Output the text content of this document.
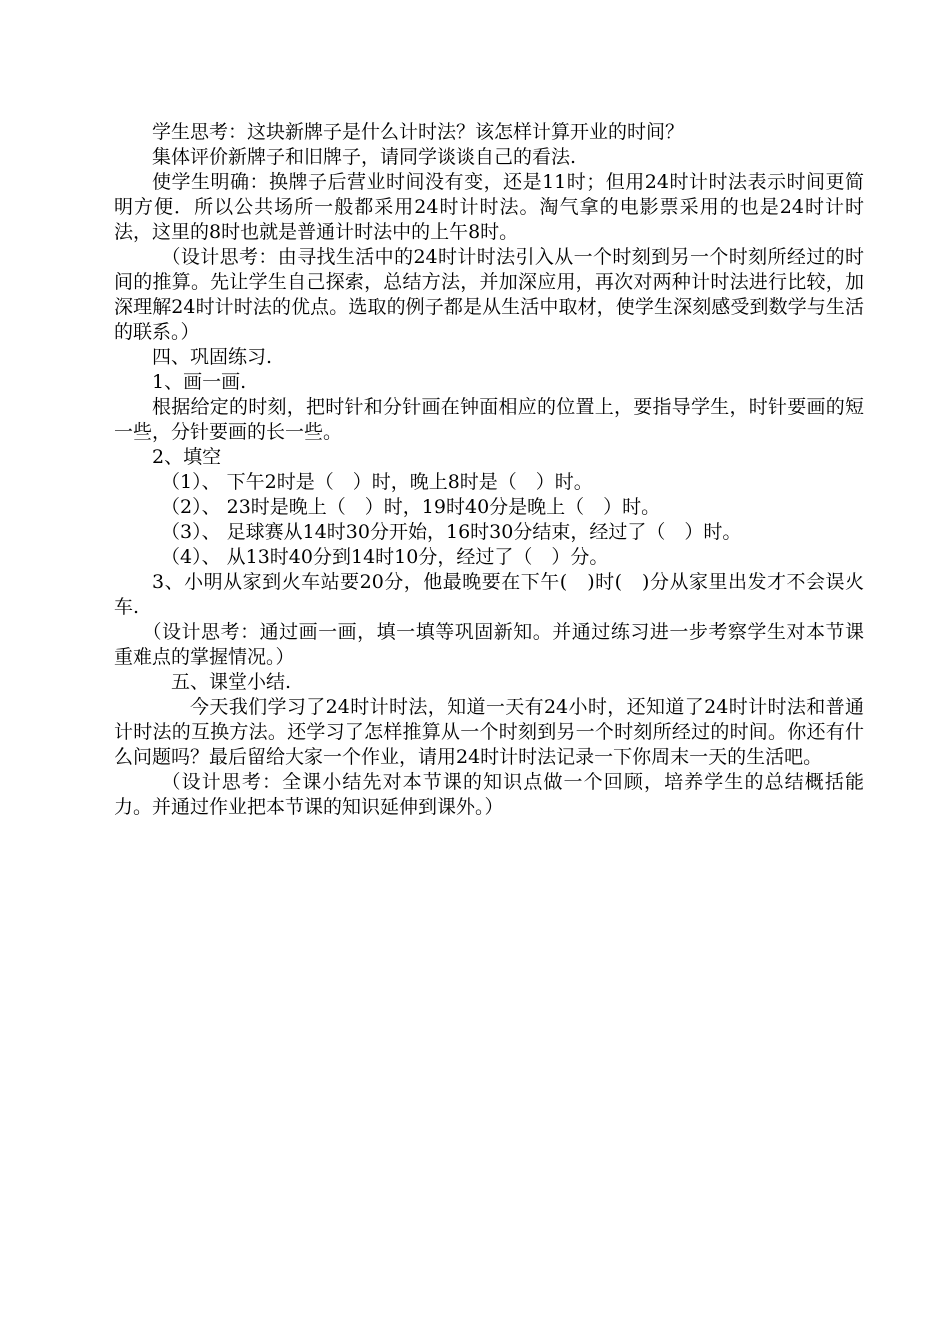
学生思考：这块新牌子是什么计时法？该怎样计算开业的时间？

集体评价新牌子和旧牌子，请同学谈谈自己的看法.

使学生明确：换牌子后营业时间没有变，还是11时；但用24时计时法表示时间更简明方便．所以公共场所一般都采用24时计时法。淘气拿的电影票采用的也是24时计时法，这里的8时也就是普通计时法中的上午8时。

（设计思考：由寻找生活中的24时计时法引入从一个时刻到另一个时刻所经过的时间的推算。先让学生自己探索，总结方法，并加深应用，再次对两种计时法进行比较，加深理解24时计时法的优点。选取的例子都是从生活中取材，使学生深刻感受到数学与生活的联系。）

四、巩固练习.

1、画一画.

根据给定的时刻，把时针和分针画在钟面相应的位置上，要指导学生，时针要画的短一些，分针要画的长一些。

2、填空

（1）、 下午2时是（　）时，晚上8时是（　）时。

（2）、 23时是晚上（　）时，19时40分是晚上（　）时。

（3）、 足球赛从14时30分开始，16时30分结束，经过了（　）时。

（4）、 从13时40分到14时10分，经过了（　）分。

3、小明从家到火车站要20分，他最晚要在下午(　)时(　)分从家里出发才不会误火车.

（设计思考：通过画一画，填一填等巩固新知。并通过练习进一步考察学生对本节课重难点的掌握情况。）

五、课堂小结.

今天我们学习了24时计时法，知道一天有24小时，还知道了24时计时法和普通计时法的互换方法。还学习了怎样推算从一个时刻到另一个时刻所经过的时间。你还有什么问题吗？最后留给大家一个作业，请用24时计时法记录一下你周末一天的生活吧。

（设计思考：全课小结先对本节课的知识点做一个回顾，培养学生的总结概括能力。并通过作业把本节课的知识延伸到课外。）
